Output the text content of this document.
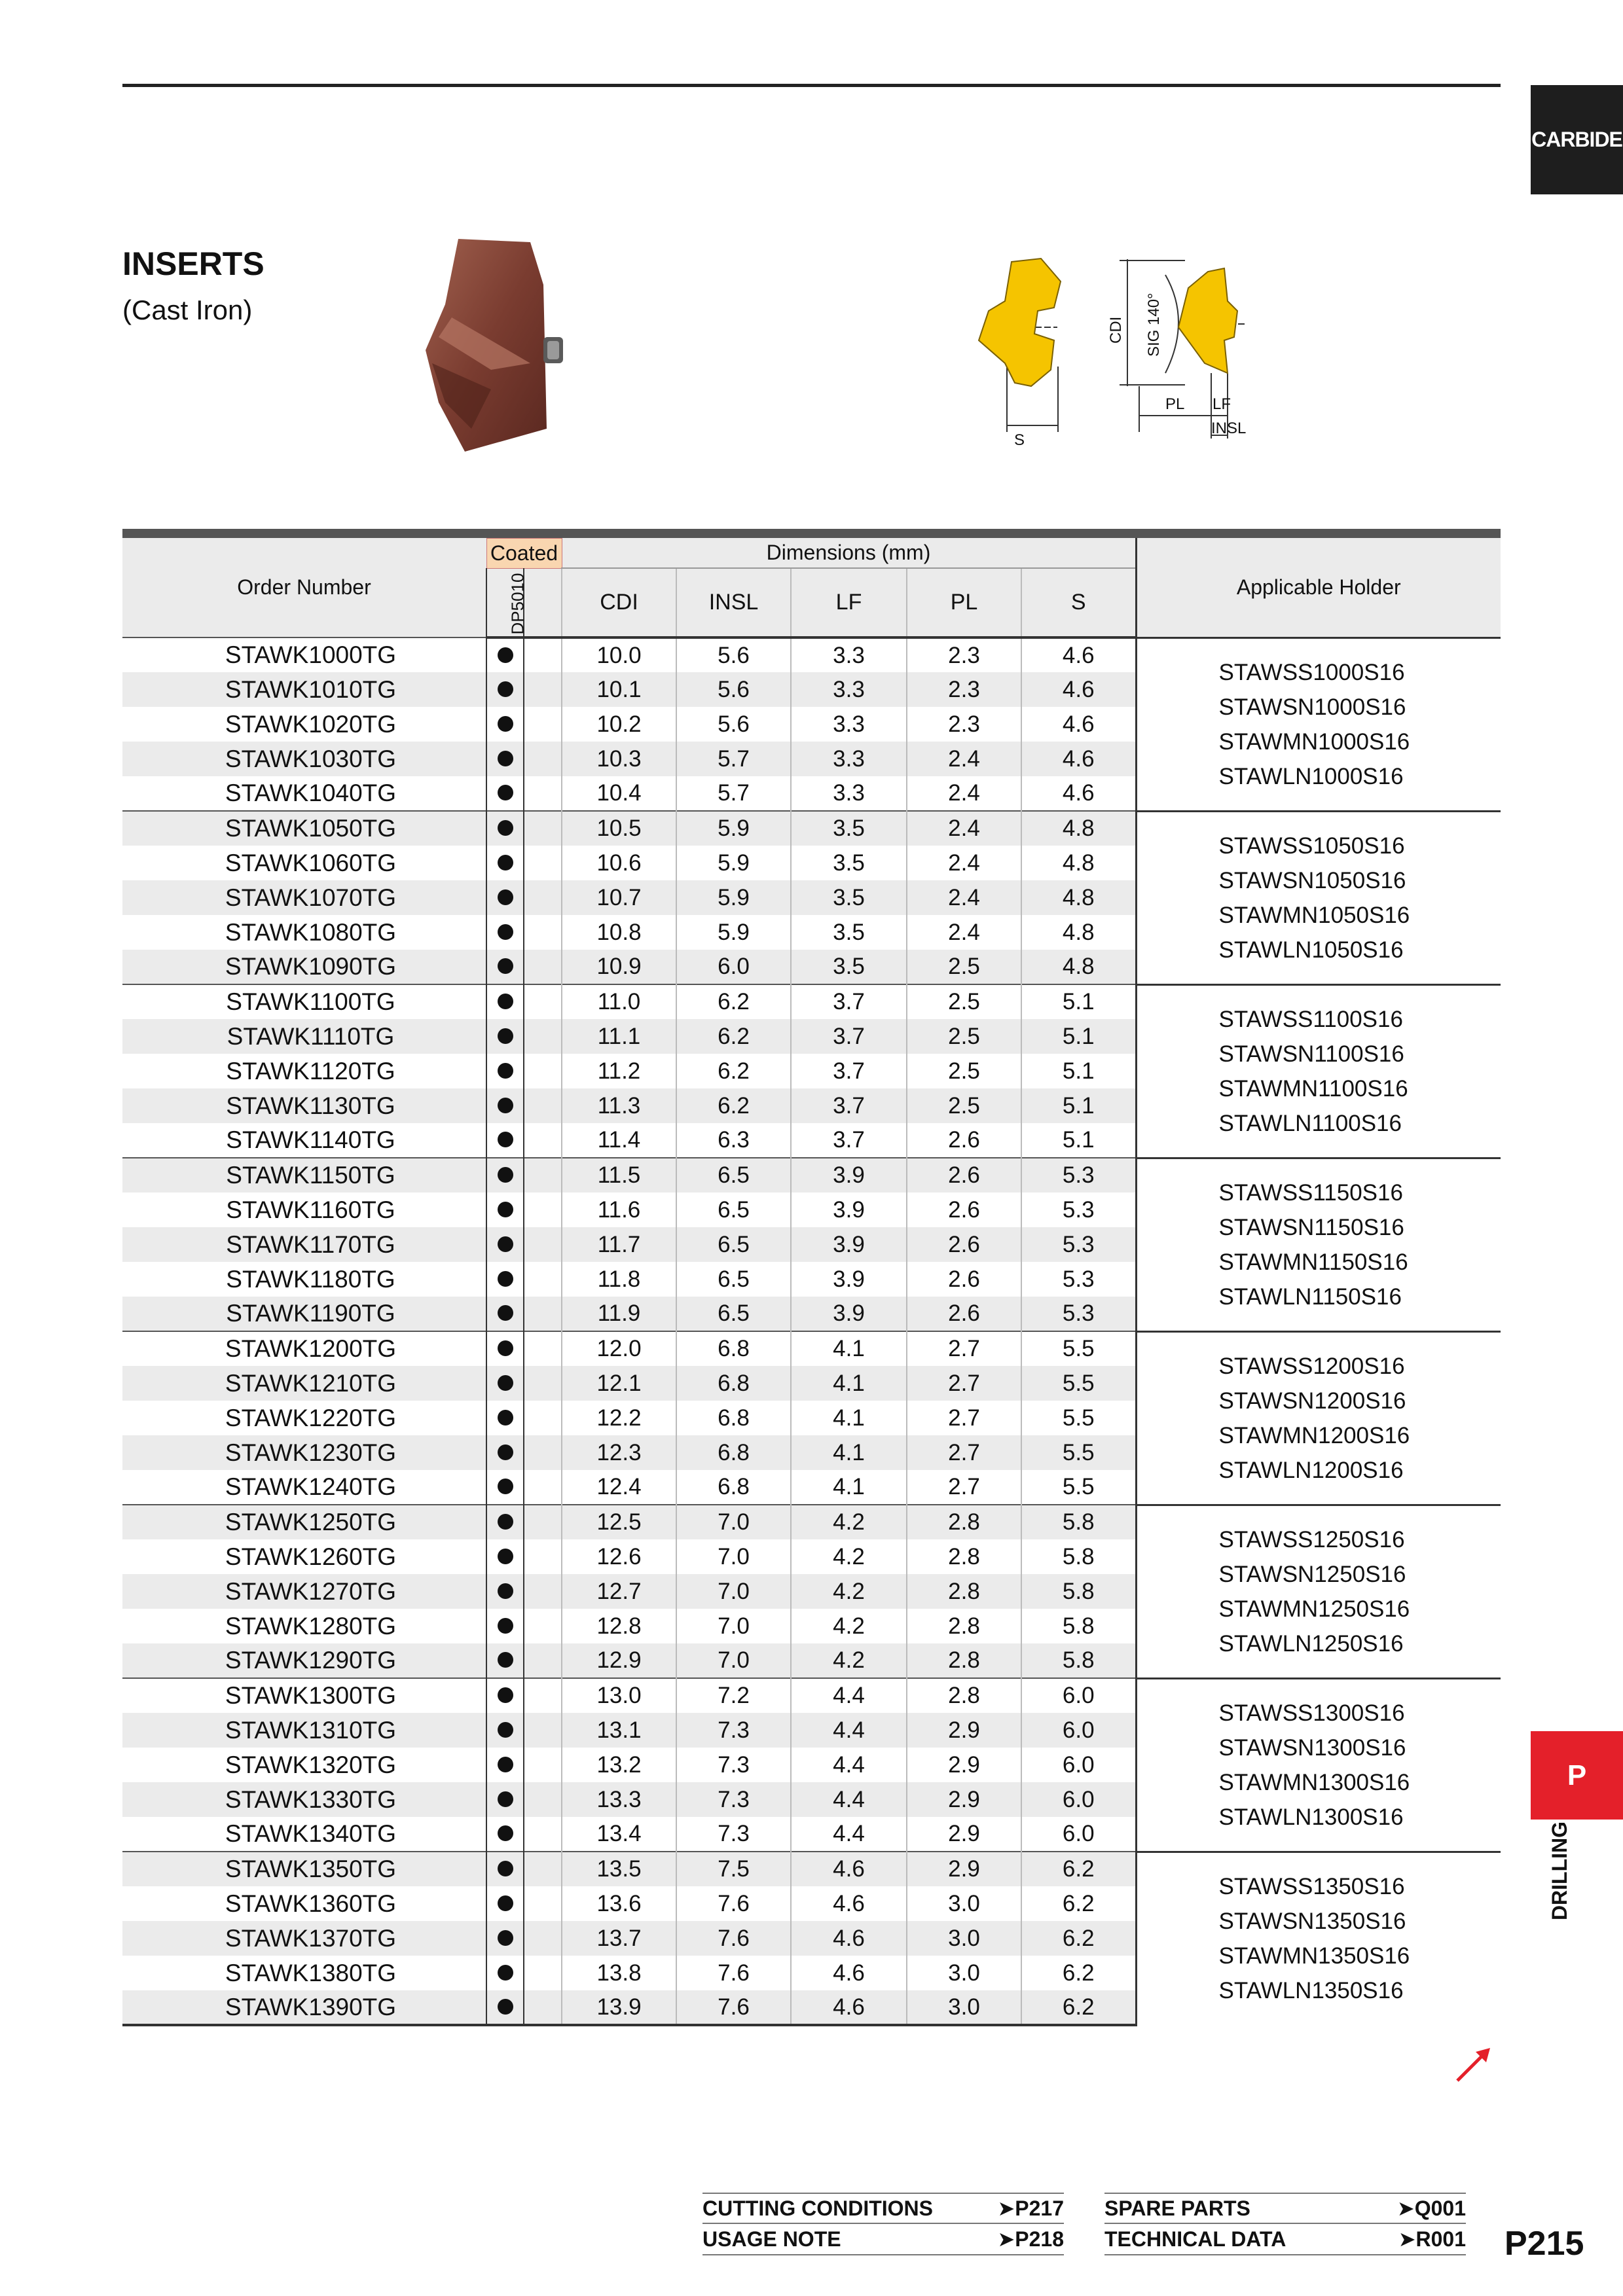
CARBIDE
INSERTS
(Cast Iron)
S
CDI SIG 140°
PL LF
INSL

Order Number	Coated		Dimensions (mm)					Applicable Holder
	DP5010		CDI	INSL	LF	PL	S	
STAWK1000TG			10.0	5.6	3.3	2.3	4.6	STAWSS1000S16
STAWSN1000S16
STAWMN1000S16
STAWLN1000S16

STAWK1010TG			10.1	5.6	3.3	2.3	4.6	
STAWK1020TG			10.2	5.6	3.3	2.3	4.6	
STAWK1030TG			10.3	5.7	3.3	2.4	4.6	
STAWK1040TG			10.4	5.7	3.3	2.4	4.6	
STAWK1050TG			10.5	5.9	3.5	2.4	4.8	STAWSS1050S16
STAWSN1050S16
STAWMN1050S16
STAWLN1050S16

STAWK1060TG			10.6	5.9	3.5	2.4	4.8	
STAWK1070TG			10.7	5.9	3.5	2.4	4.8	
STAWK1080TG			10.8	5.9	3.5	2.4	4.8	
STAWK1090TG			10.9	6.0	3.5	2.5	4.8	
STAWK1100TG			11.0	6.2	3.7	2.5	5.1	STAWSS1100S16
STAWSN1100S16
STAWMN1100S16
STAWLN1100S16

STAWK1110TG			11.1	6.2	3.7	2.5	5.1	
STAWK1120TG			11.2	6.2	3.7	2.5	5.1	
STAWK1130TG			11.3	6.2	3.7	2.5	5.1	
STAWK1140TG			11.4	6.3	3.7	2.6	5.1	
STAWK1150TG			11.5	6.5	3.9	2.6	5.3	STAWSS1150S16
STAWSN1150S16
STAWMN1150S16
STAWLN1150S16

STAWK1160TG			11.6	6.5	3.9	2.6	5.3	
STAWK1170TG			11.7	6.5	3.9	2.6	5.3	
STAWK1180TG			11.8	6.5	3.9	2.6	5.3	
STAWK1190TG			11.9	6.5	3.9	2.6	5.3	
STAWK1200TG			12.0	6.8	4.1	2.7	5.5	STAWSS1200S16
STAWSN1200S16
STAWMN1200S16
STAWLN1200S16

STAWK1210TG			12.1	6.8	4.1	2.7	5.5	
STAWK1220TG			12.2	6.8	4.1	2.7	5.5	
STAWK1230TG			12.3	6.8	4.1	2.7	5.5	
STAWK1240TG			12.4	6.8	4.1	2.7	5.5	
STAWK1250TG			12.5	7.0	4.2	2.8	5.8	STAWSS1250S16
STAWSN1250S16
STAWMN1250S16
STAWLN1250S16

STAWK1260TG			12.6	7.0	4.2	2.8	5.8	
STAWK1270TG			12.7	7.0	4.2	2.8	5.8	
STAWK1280TG			12.8	7.0	4.2	2.8	5.8	
STAWK1290TG			12.9	7.0	4.2	2.8	5.8	
STAWK1300TG			13.0	7.2	4.4	2.8	6.0	STAWSS1300S16
STAWSN1300S16
STAWMN1300S16
STAWLN1300S16

STAWK1310TG			13.1	7.3	4.4	2.9	6.0	
STAWK1320TG			13.2	7.3	4.4	2.9	6.0	
STAWK1330TG			13.3	7.3	4.4	2.9	6.0	
STAWK1340TG			13.4	7.3	4.4	2.9	6.0	
STAWK1350TG			13.5	7.5	4.6	2.9	6.2	STAWSS1350S16
STAWSN1350S16
STAWMN1350S16
STAWLN1350S16

STAWK1360TG			13.6	7.6	4.6	3.0	6.2	
STAWK1370TG			13.7	7.6	4.6	3.0	6.2	
STAWK1380TG			13.8	7.6	4.6	3.0	6.2	
STAWK1390TG			13.9	7.6	4.6	3.0	6.2	
P
DRILLING
CUTTING CONDITIONS	➤P217
USAGE NOTE	➤P218
SPARE PARTS	➤Q001
TECHNICAL DATA	➤R001 P215
